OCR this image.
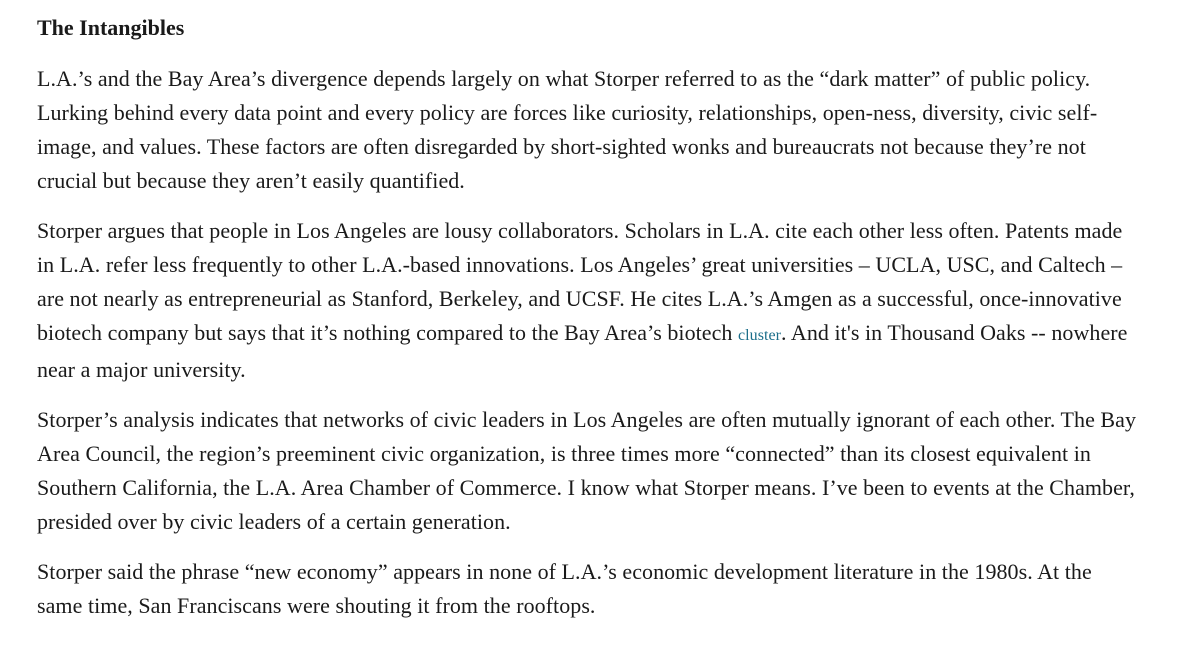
The Intangibles

L.A.’s and the Bay Area’s divergence depends largely on what Storper referred to as the “dark matter” of public policy. Lurking behind every data point and every policy are forces like curiosity, relationships, open-ness, diversity, civic self-image, and values. These factors are often disregarded by short-sighted wonks and bureaucrats not because they’re not crucial but because they aren’t easily quantified.

Storper argues that people in Los Angeles are lousy collaborators. Scholars in L.A. cite each other less often. Patents made in L.A. refer less frequently to other L.A.-based innovations. Los Angeles’ great universities – UCLA, USC, and Caltech – are not nearly as entrepreneurial as Stanford, Berkeley, and UCSF. He cites L.A.’s Amgen as a successful, once-innovative biotech company but says that it’s nothing compared to the Bay Area’s biotech cluster. And it's in Thousand Oaks -- nowhere near a major university.

Storper’s analysis indicates that networks of civic leaders in Los Angeles are often mutually ignorant of each other. The Bay Area Council, the region’s preeminent civic organization, is three times more “connected” than its closest equivalent in Southern California, the L.A. Area Chamber of Commerce. I know what Storper means. I’ve been to events at the Chamber, presided over by civic leaders of a certain generation.

Storper said the phrase “new economy” appears in none of L.A.’s economic development literature in the 1980s. At the same time, San Franciscans were shouting it from the rooftops.
